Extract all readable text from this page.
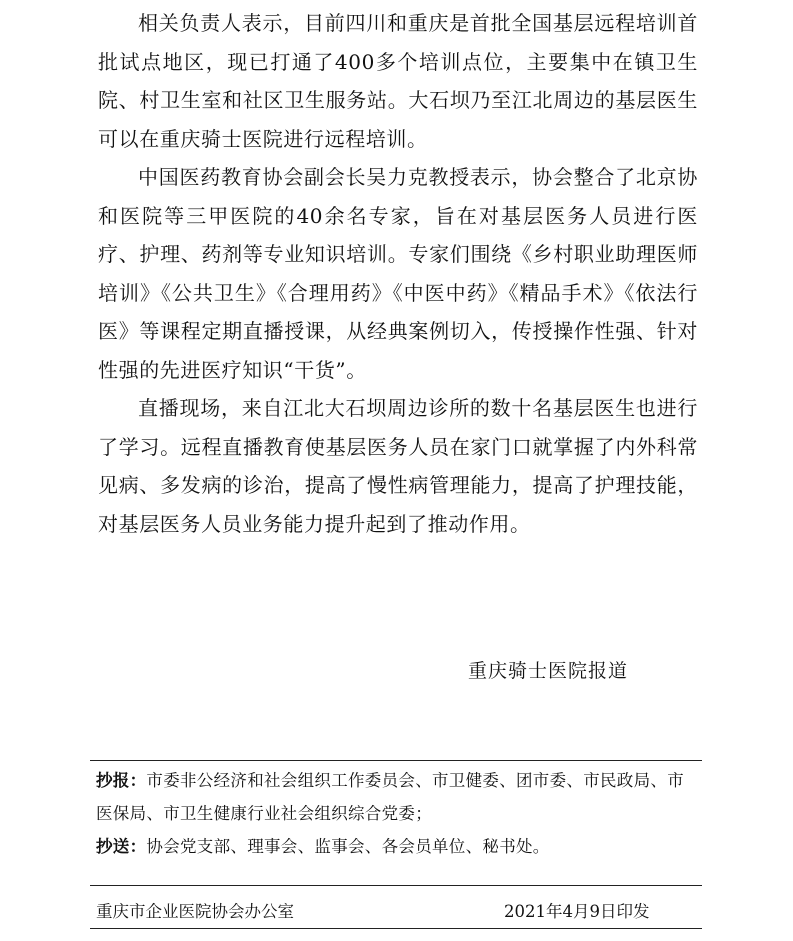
相关负责人表示，目前四川和重庆是首批全国基层远程培训首批试点地区，现已打通了400多个培训点位，主要集中在镇卫生院、村卫生室和社区卫生服务站。大石坝乃至江北周边的基层医生可以在重庆骑士医院进行远程培训。

中国医药教育协会副会长吴力克教授表示，协会整合了北京协和医院等三甲医院的40余名专家，旨在对基层医务人员进行医疗、护理、药剂等专业知识培训。专家们围绕《乡村职业助理医师培训》《公共卫生》《合理用药》《中医中药》《精品手术》《依法行医》等课程定期直播授课，从经典案例切入，传授操作性强、针对性强的先进医疗知识“干货”。

直播现场，来自江北大石坝周边诊所的数十名基层医生也进行了学习。远程直播教育使基层医务人员在家门口就掌握了内外科常见病、多发病的诊治，提高了慢性病管理能力，提高了护理技能，对基层医务人员业务能力提升起到了推动作用。

重庆骑士医院报道

抄报：市委非公经济和社会组织工作委员会、市卫健委、团市委、市民政局、市医保局、市卫生健康行业社会组织综合党委；

抄送：协会党支部、理事会、监事会、各会员单位、秘书处。

重庆市企业医院协会办公室	2021年4月9日印发
